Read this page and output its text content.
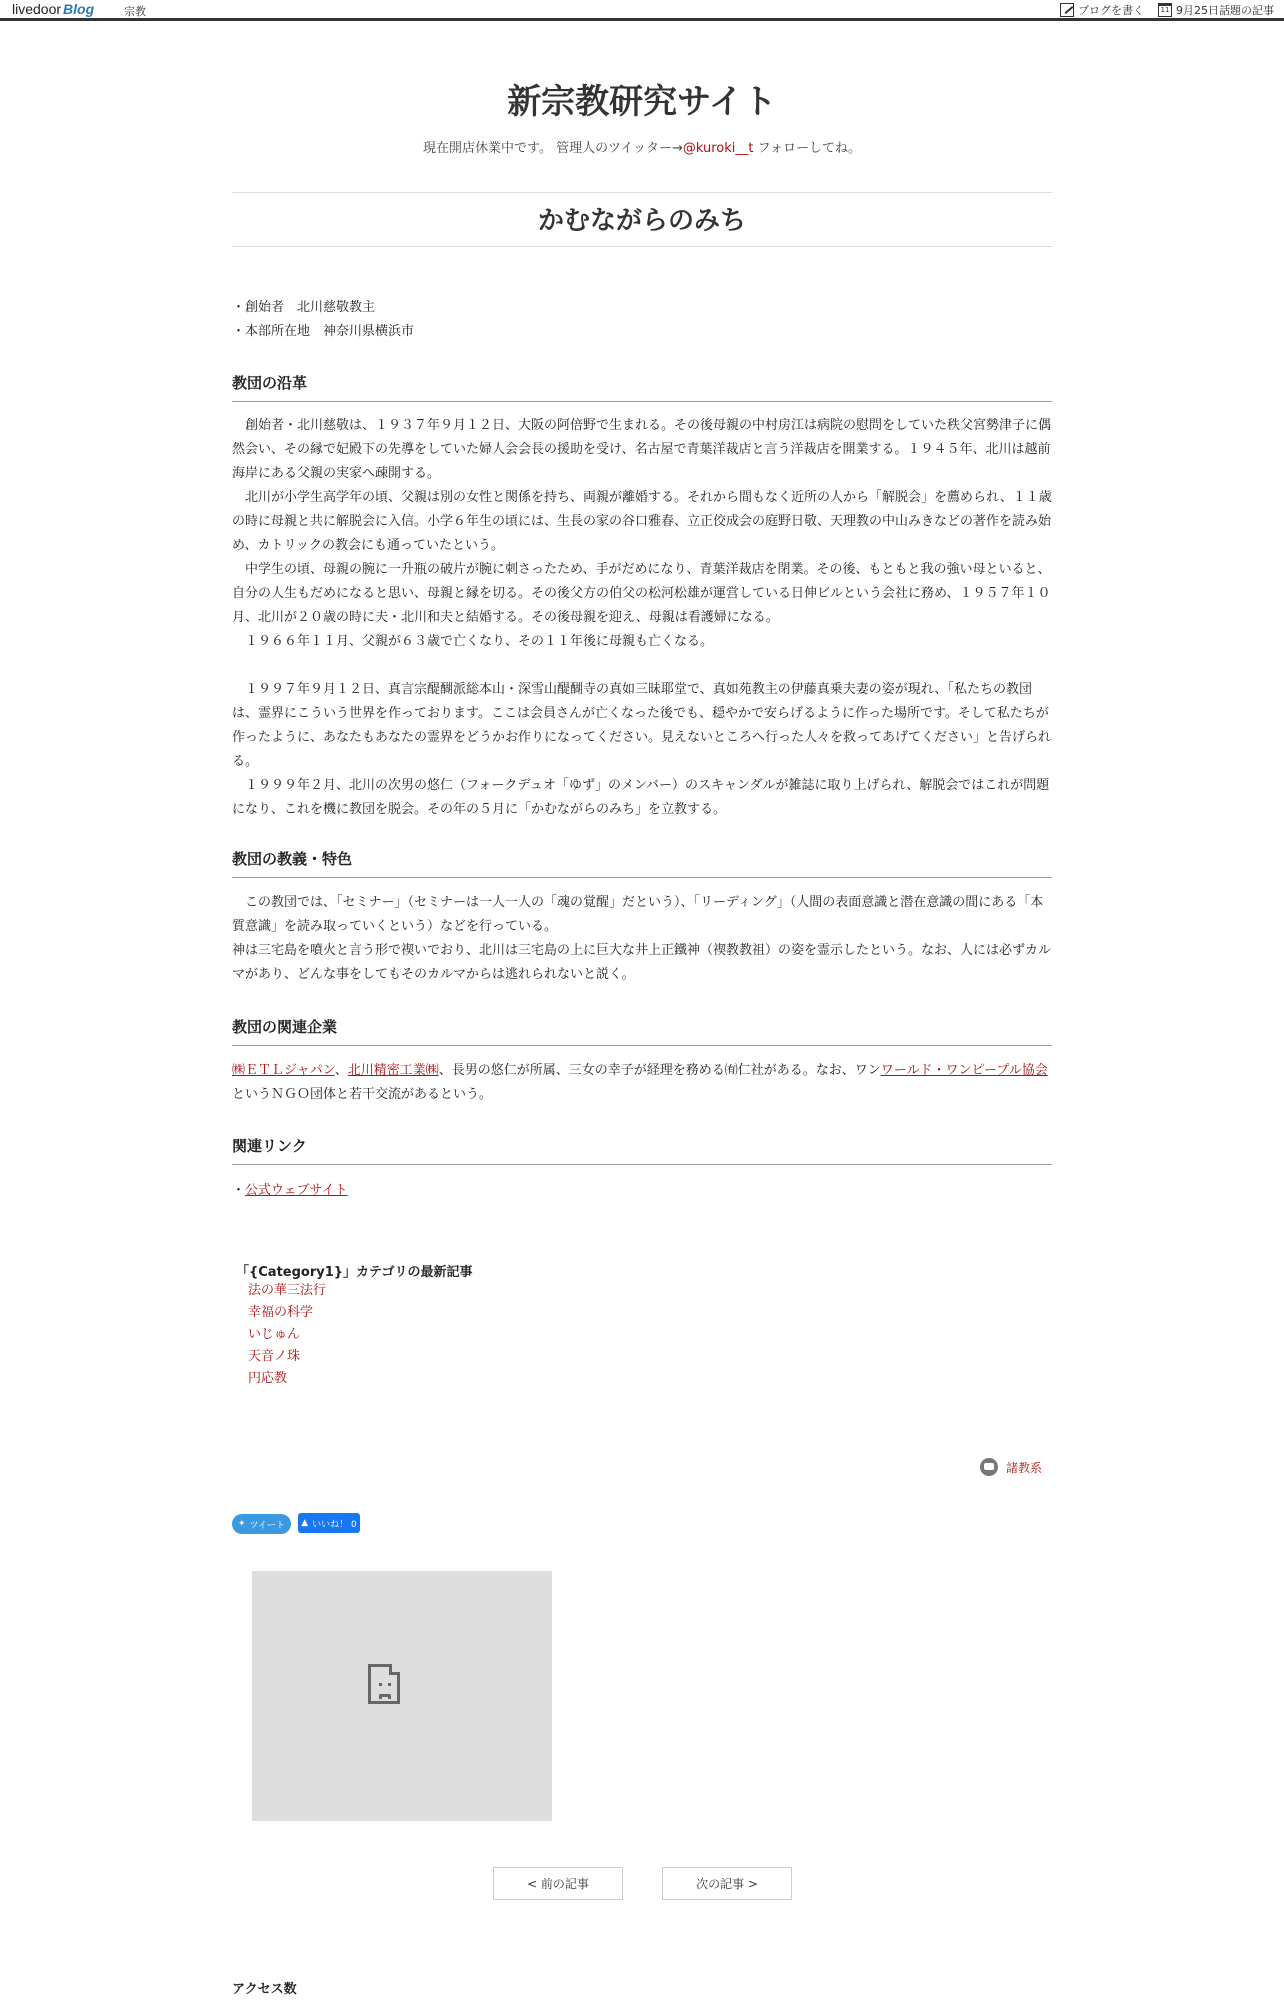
livedoor Blog	宗教	ブログを書く	11 9月25日話題の記事
新宗教研究サイト
現在開店休業中です。 管理人のツイッター→@kuroki__t フォローしてね。
かむながらのみち
・創始者　北川慈敬教主
・本部所在地　神奈川県横浜市
教団の沿革
　創始者・北川慈敬は、１９３７年９月１２日、大阪の阿倍野で生まれる。その後母親の中村房江は病院の慰問をしていた秩父宮勢津子に偶然会い、その縁で妃殿下の先導をしていた婦人会会長の援助を受け、名古屋で青葉洋裁店と言う洋裁店を開業する。１９４５年、北川は越前海岸にある父親の実家へ疎開する。
　北川が小学生高学年の頃、父親は別の女性と関係を持ち、両親が離婚する。それから間もなく近所の人から「解脱会」を薦められ、１１歳の時に母親と共に解脱会に入信。小学６年生の頃には、生長の家の谷口雅春、立正佼成会の庭野日敬、天理教の中山みきなどの著作を読み始め、カトリックの教会にも通っていたという。
　中学生の頃、母親の腕に一升瓶の破片が腕に刺さったため、手がだめになり、青葉洋裁店を閉業。その後、もともと我の強い母といると、自分の人生もだめになると思い、母親と縁を切る。その後父方の伯父の松河松雄が運営している日伸ビルという会社に務め、１９５７年１０月、北川が２０歳の時に夫・北川和夫と結婚する。その後母親を迎え、母親は看護婦になる。
　１９６６年１１月、父親が６３歳で亡くなり、その１１年後に母親も亡くなる。
　１９９７年９月１２日、真言宗醍醐派総本山・深雪山醍醐寺の真如三昧耶堂で、真如苑教主の伊藤真乗夫妻の姿が現れ、「私たちの教団は、霊界にこういう世界を作っております。ここは会員さんが亡くなった後でも、穏やかで安らげるように作った場所です。そして私たちが作ったように、あなたもあなたの霊界をどうかお作りになってください。見えないところへ行った人々を救ってあげてください」と告げられる。
　１９９９年２月、北川の次男の悠仁（フォークデュオ「ゆず」のメンバー）のスキャンダルが雑誌に取り上げられ、解脱会ではこれが問題になり、これを機に教団を脱会。その年の５月に「かむながらのみち」を立教する。
教団の教義・特色
　この教団では、「セミナー」（セミナーは一人一人の「魂の覚醒」だという）、「リーディング」（人間の表面意識と潜在意識の間にある「本質意識」を読み取っていくという）などを行っている。
神は三宅島を噴火と言う形で禊いでおり、北川は三宅島の上に巨大な井上正鐵神（禊教教祖）の姿を霊示したという。なお、人には必ずカルマがあり、どんな事をしてもそのカルマからは逃れられないと説く。
教団の関連企業
㈱ＥＴＬジャパン、北川精密工業㈱、長男の悠仁が所属、三女の幸子が経理を務める㈲仁社がある。なお、ワンワールド・ワンピープル協会というＮＧＯ団体と若干交流があるという。
関連リンク
・公式ウェブサイト
「{Category1}」カテゴリの最新記事
法の華三法行
幸福の科学
いじゅん
天音ノ珠
円応教
諸教系
✦ ツイート ▲ いいね！ 0
< 前の記事	次の記事 >
アクセス数
